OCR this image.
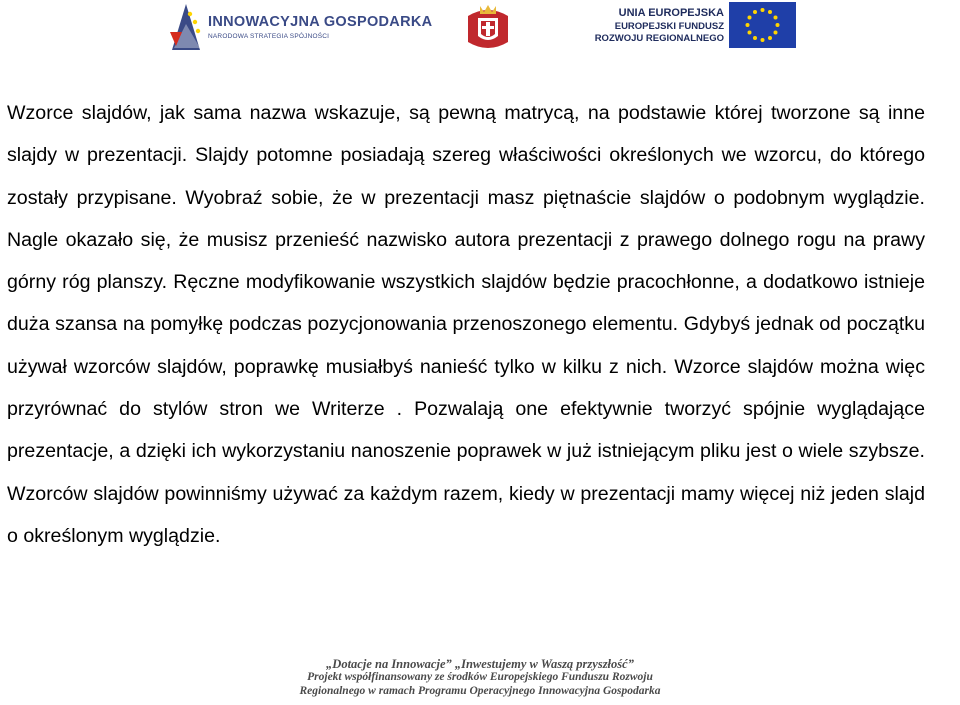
INNOWACYJNA GOSPODARKA
NARODOWA STRATEGIA SPÓJNOŚCI
UNIA EUROPEJSKA
EUROPEJSKI FUNDUSZ
ROZWOJU REGIONALNEGO

Wzorce slajdów, jak sama nazwa wskazuje, są pewną matrycą, na podstawie której tworzone są inne slajdy w prezentacji. Slajdy potomne posiadają szereg właściwości określonych we wzorcu, do którego zostały przypisane. Wyobraź sobie, że w prezentacji masz piętnaście slajdów o podobnym wyglądzie. Nagle okazało się, że musisz przenieść nazwisko autora prezentacji z prawego dolnego rogu na prawy górny róg planszy. Ręczne modyfikowanie wszystkich slajdów będzie pracochłonne, a dodatkowo istnieje duża szansa na pomyłkę podczas pozycjonowania przenoszonego elementu. Gdybyś jednak od początku używał wzorców slajdów, poprawkę musiałbyś nanieść tylko w kilku z nich. Wzorce slajdów można więc przyrównać do stylów stron we Writerze . Pozwalają one efektywnie tworzyć spójnie wyglądające prezentacje, a dzięki ich wykorzystaniu nanoszenie poprawek w już istniejącym pliku jest o wiele szybsze. Wzorców slajdów powinniśmy używać za każdym razem, kiedy w prezentacji mamy więcej niż jeden slajd o określonym wyglądzie.

„Dotacje na Innowacje” „Inwestujemy w Waszą przyszłość”
Projekt współfinansowany ze środków Europejskiego Funduszu Rozwoju
Regionalnego w ramach Programu Operacyjnego Innowacyjna Gospodarka
